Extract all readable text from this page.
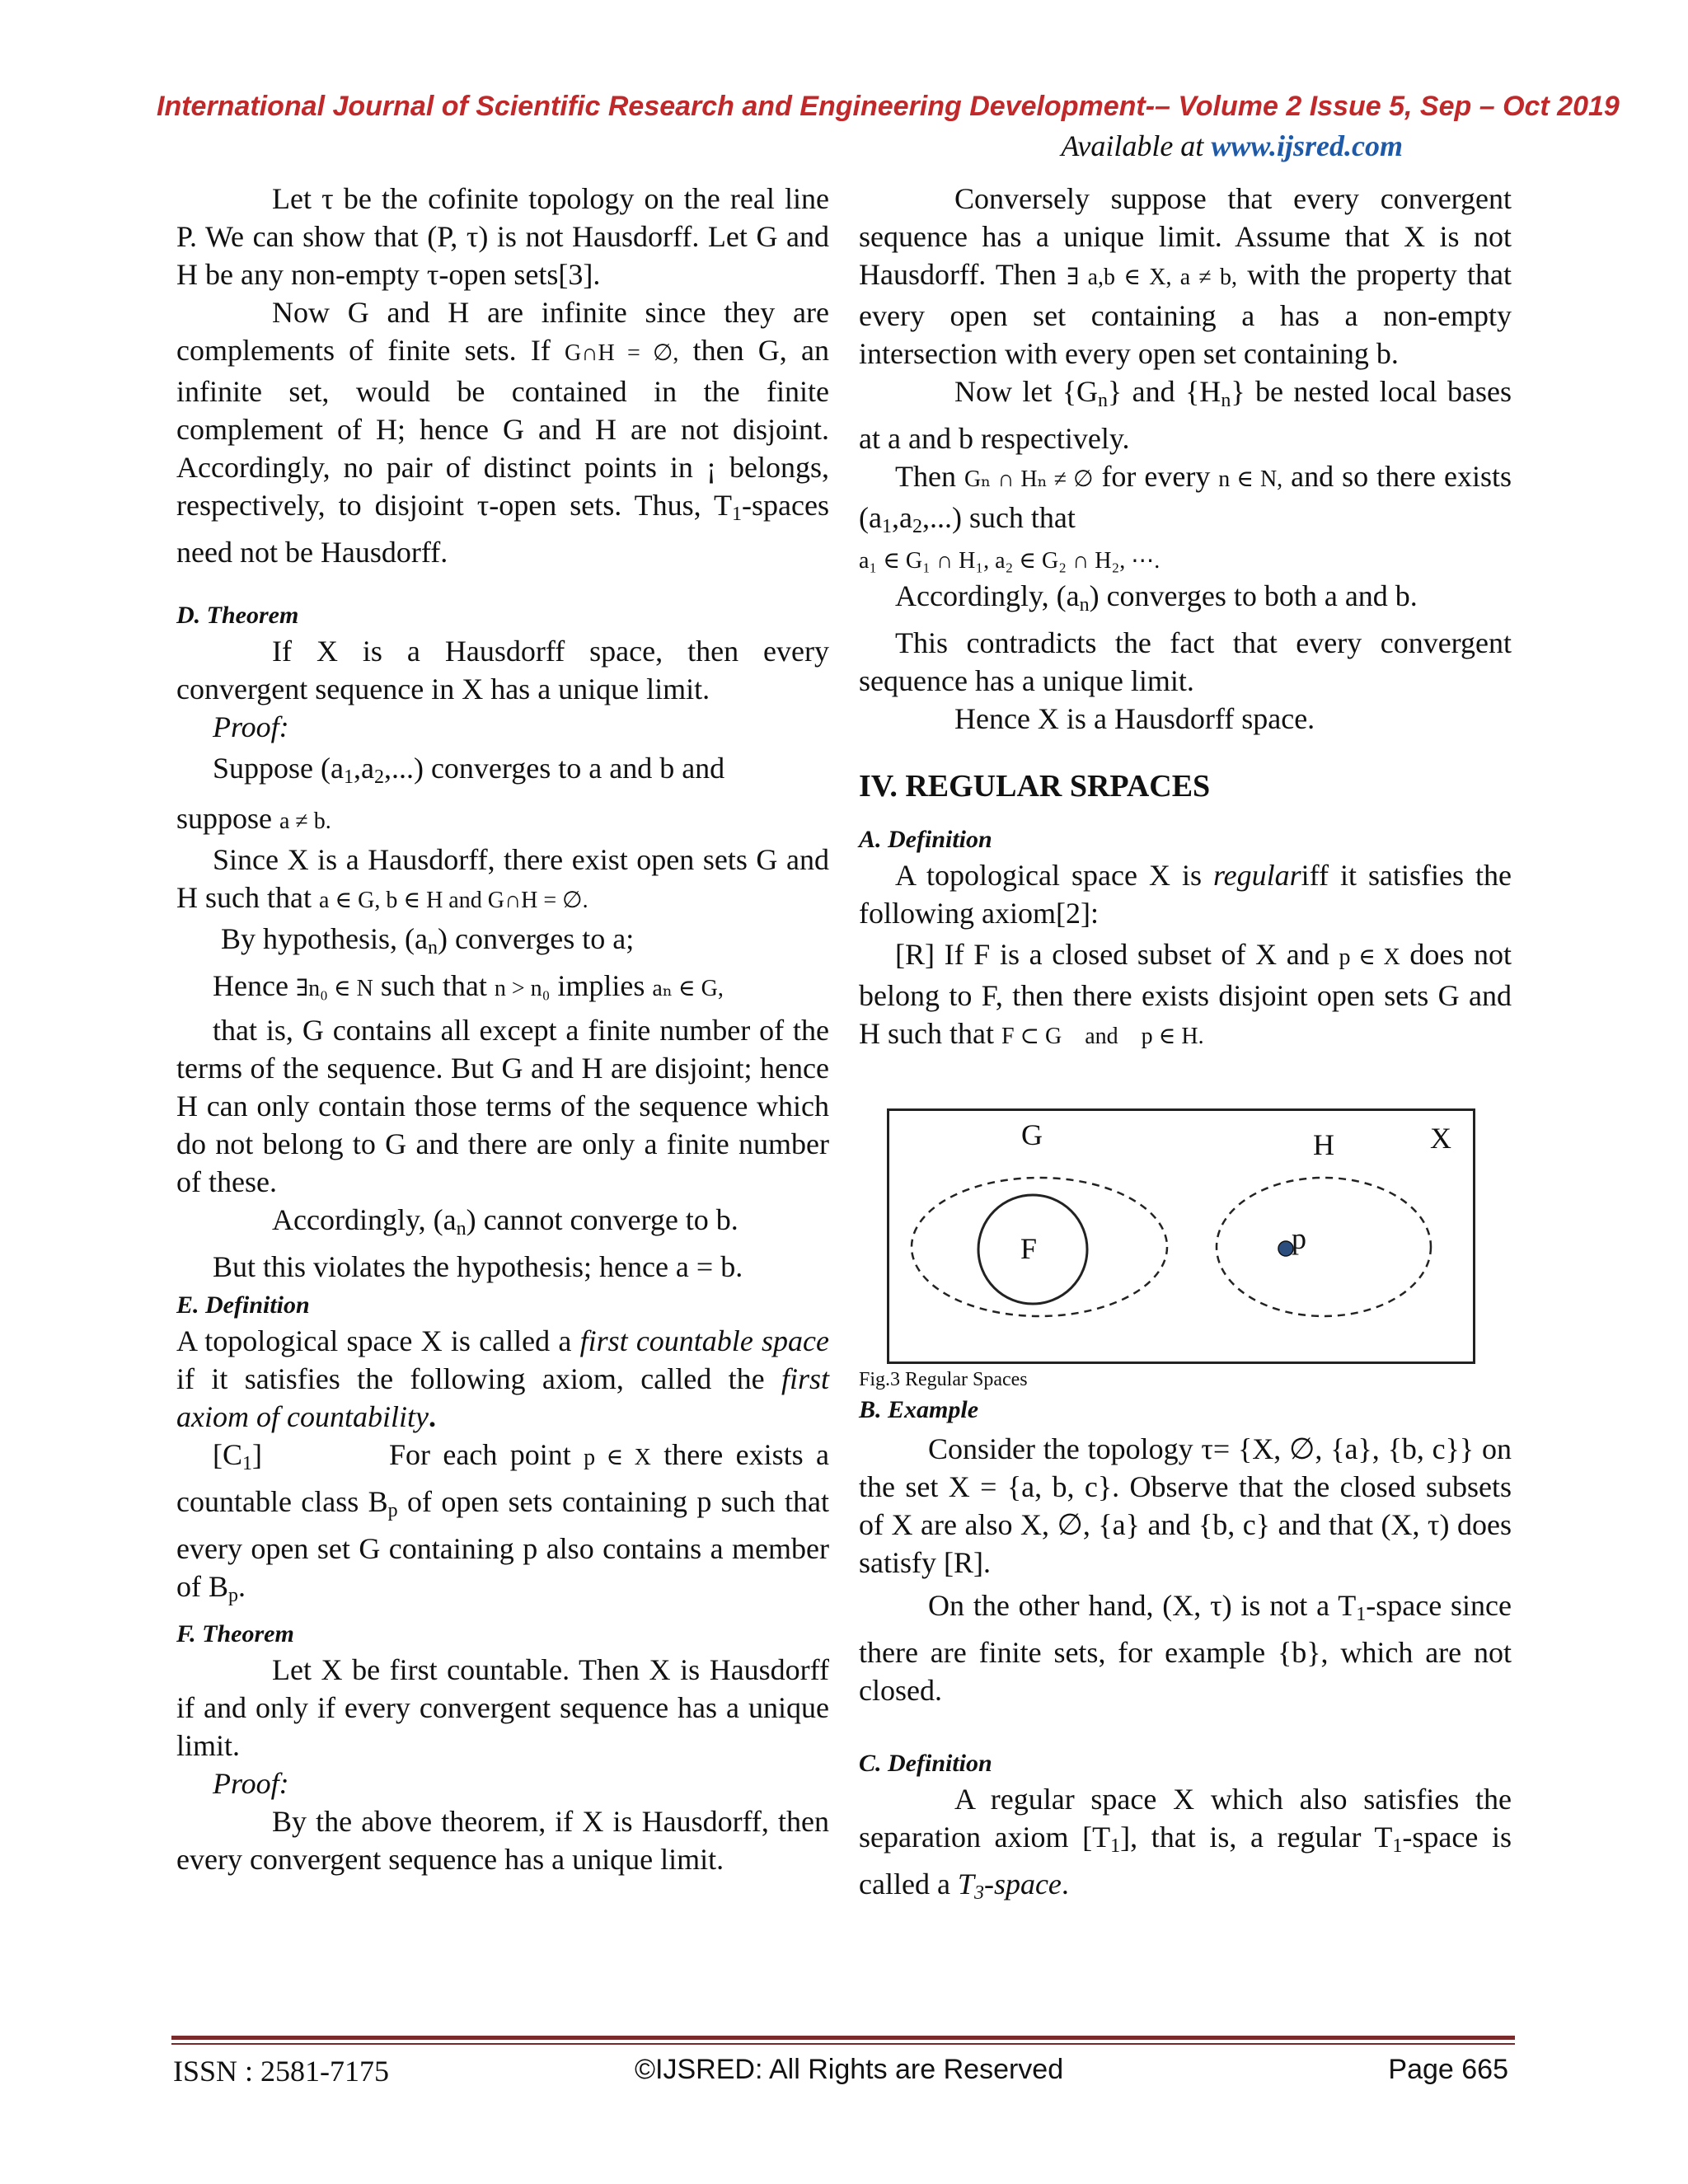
International Journal of Scientific Research and Engineering Development-– Volume 2 Issue 5, Sep – Oct 2019
Available at www.ijsred.com

Let τ be the cofinite topology on the real line P. We can show that (P, τ) is not Hausdorff. Let G and H be any non-empty τ-open sets[3].

Now G and H are infinite since they are complements of finite sets. If G∩H = ∅, then G, an infinite set, would be contained in the finite complement of H; hence G and H are not disjoint. Accordingly, no pair of distinct points in ¡ belongs, respectively, to disjoint τ-open sets. Thus, $T_1$-spaces need not be Hausdorff.

D. Theorem

If X is a Hausdorff space, then every convergent sequence in X has a unique limit.

Proof:

Suppose $(a_1,a_2,...)$ converges to a and b and

suppose a ≠ b.

Since X is a Hausdorff, there exist open sets G and H such that a ∈ G, b ∈ H and G∩H = ∅.

By hypothesis, $(a_n)$ converges to a;

Hence ∃n₀ ∈ N such that n > n₀ implies aₙ ∈ G,

that is, G contains all except a finite number of the terms of the sequence. But G and H are disjoint; hence H can only contain those terms of the sequence which do not belong to G and there are only a finite number of these.

Accordingly, $(a_n)$ cannot converge to b.

But this violates the hypothesis; hence a = b.

E. Definition

A topological space X is called a first countable space if it satisfies the following axiom, called the first axiom of countability.

$[C_1]$          For each point p ∈ X there exists a countable class $B_p$ of open sets containing p such that every open set G containing p also contains a member of $B_p$.

F. Theorem

Let X be first countable. Then X is Hausdorff if and only if every convergent sequence has a unique limit.

Proof:

By the above theorem, if X is Hausdorff, then every convergent sequence has a unique limit.

Conversely suppose that every convergent sequence has a unique limit. Assume that X is not Hausdorff. Then ∃ a,b ∈ X, a ≠ b, with the property that every open set containing a has a non-empty intersection with every open set containing b.

Now let $\{G_n\}$ and $\{H_n\}$ be nested local bases at a and b respectively.

Then Gₙ ∩ Hₙ ≠ ∅ for every n ∈ N, and so there exists $(a_1,a_2,...)$ such that

a₁ ∈ G₁ ∩ H₁, a₂ ∈ G₂ ∩ H₂, ⋯.

Accordingly, $(a_n)$ converges to both a and b.

This contradicts the fact that every convergent sequence has a unique limit.

Hence X is a Hausdorff space.

IV. REGULAR SRPACES
A. Definition

A topological space X is regulariff it satisfies the following axiom[2]:

[R] If F is a closed subset of X and p ∈ X does not belong to F, then there exists disjoint open sets G and H such that F ⊂ G    and    p ∈ H.

G	H	X
F	p
Fig.3 Regular Spaces
B. Example

Consider the topology τ= {X, ∅, {a}, {b, c}} on the set X = {a, b, c}. Observe that the closed subsets of X are also X, ∅, {a} and {b, c} and that (X, τ) does satisfy [R].

On the other hand, (X, τ) is not a $T_1$-space since there are finite sets, for example {b}, which are not closed.

C. Definition

A regular space X which also satisfies the separation axiom $[T_1]$, that is, a regular $T_1$-space is called a $T_3$-space.

ISSN : 2581-7175	©IJSRED: All Rights are Reserved	Page 665
